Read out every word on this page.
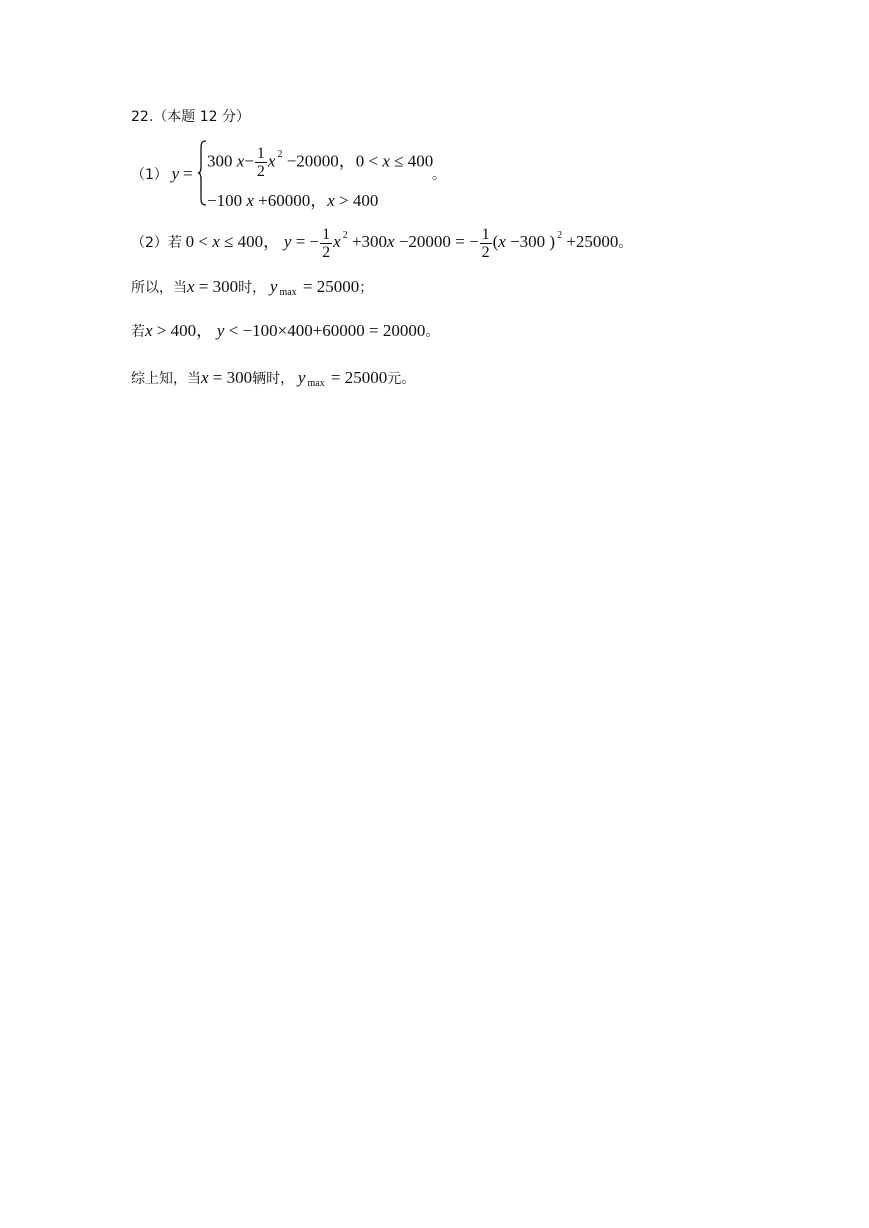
22.（本题 12 分）
（1） y =
300 $x- \frac{1}{2}$ x $^2$ −20000，0 < x ≤ 400
−100 x +60000，x > 400
。
（2）若 0 < x ≤ 400， y = − $\frac{1}{2}$ x $^2$ +300x −20000 = − $\frac{1}{2} (x -300$ ) $^2$ +25000。
所以，当x = 300时， y $_{max}$ = 25000；
若x > 400， y < −100×400+60000 = 20000。
综上知，当x = 300辆时， y $_{max}$ = 25000元。
